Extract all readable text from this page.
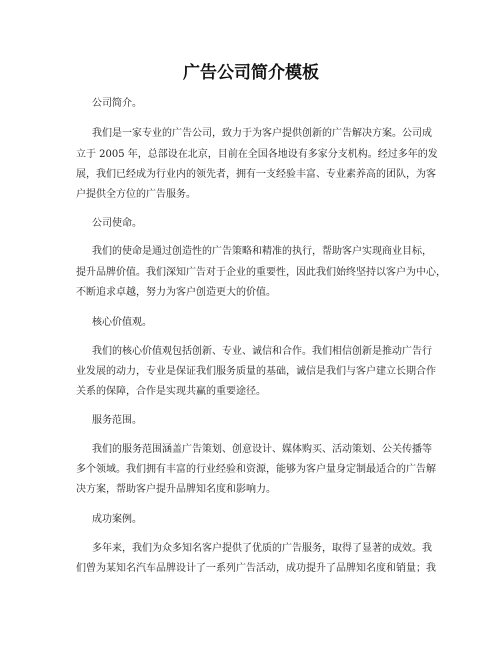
广告公司简介模板
公司简介。
我们是一家专业的广告公司，致力于为客户提供创新的广告解决方案。公司成
立于 2005 年，总部设在北京，目前在全国各地设有多家分支机构。经过多年的发
展，我们已经成为行业内的领先者，拥有一支经验丰富、专业素养高的团队，为客
户提供全方位的广告服务。
公司使命。
我们的使命是通过创造性的广告策略和精准的执行，帮助客户实现商业目标，
提升品牌价值。我们深知广告对于企业的重要性，因此我们始终坚持以客户为中心，
不断追求卓越，努力为客户创造更大的价值。
核心价值观。
我们的核心价值观包括创新、专业、诚信和合作。我们相信创新是推动广告行
业发展的动力，专业是保证我们服务质量的基础，诚信是我们与客户建立长期合作
关系的保障，合作是实现共赢的重要途径。
服务范围。
我们的服务范围涵盖广告策划、创意设计、媒体购买、活动策划、公关传播等
多个领域。我们拥有丰富的行业经验和资源，能够为客户量身定制最适合的广告解
决方案，帮助客户提升品牌知名度和影响力。
成功案例。
多年来，我们为众多知名客户提供了优质的广告服务，取得了显著的成效。我
们曾为某知名汽车品牌设计了一系列广告活动，成功提升了品牌知名度和销量；我
